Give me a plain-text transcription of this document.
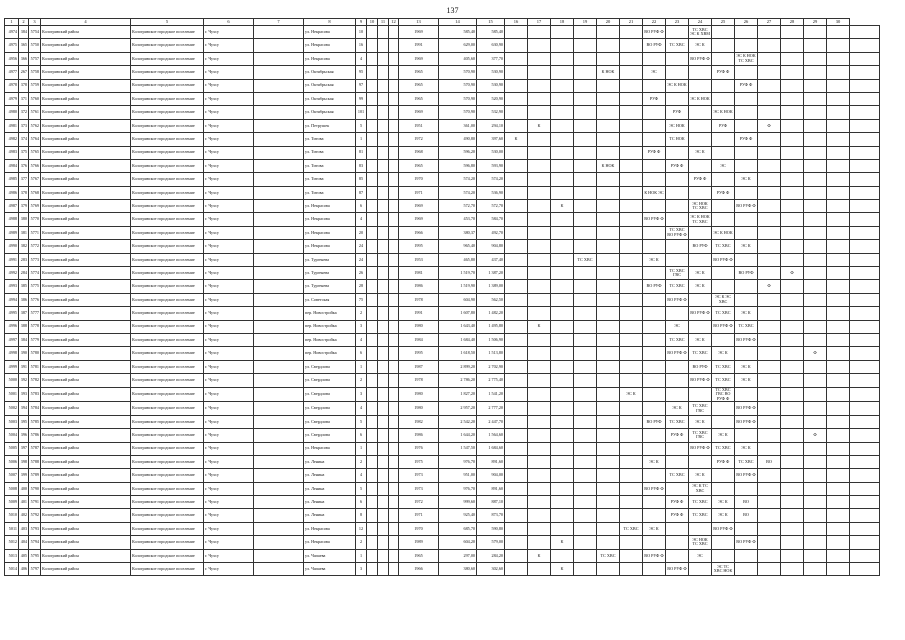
137
1	2	3	4	5	6	7	8	9	10	11	12	13	14	15	16	17	18	19	20	21	22	23	24	25	26	27	28	29	30	
4974	384	5754	Кологривский район	Кологривское городское поселение	г. Чухсу		ул. Некрасова	10				1969	585,40	585,40							ВО РУФ Ф		ТС ХВС ЭС К ХВМ							
4975	365	5750	Кологривский район	Кологривское городское поселение	г. Чухсу		ул. Некрасова	16				1991	629,00	630,90							ВО РУФ	ТС ХВС	ЭС К							
4956	366	5757	Кологривский район	Кологривское городское поселение	г. Чухсу		ул. Некрасова	4				1969	405,60	377,70									ВО РУФ Ф		ЭС К НОК ТС ХВС					
4977	267	5758	Кологривский район	Кологривское городское поселение	г. Чухсу		ул. Октябрьская	95				1965	570,90	530,90					К НОК		ЭС			РУФ Ф						
4978	378	5759	Кологривский район	Кологривское городское поселение	г. Чухсу		ул. Октябрьская	97				1965	570,90	530,90								ЭС К НОК			РУФ Ф					
4979	371	5760	Кологривский район	Кологривское городское поселение	г. Чухсу		ул. Октябрьская	99				1965	570,90	520,90							РУФ		ЭС К НОК							
4980	372	5761	Кологривский район	Кологривское городское поселение	г. Чухсу		ул. Октябрьская	101				1969	570,90	532,90								РУФ		ЭС К НОК						
4981	373	5762	Кологривский район	Кологривское городское поселение	г. Чухсу		ул. Петрушек	5				1951	361,00	294,10		К						ЭС НОК		РУФ		Ф				
4982	374	5764	Кологривский район	Кологривское городское поселение	г. Чухсу		ул. Титова	1				1972	490,80	397,60	К							ТС НОК			РУФ Ф					
4983	375	5765	Кологривский район	Кологривское городское поселение	г. Чухсу		ул. Титова	81				1968	596,20	530,00							РУФ Ф		ЭС К							
4984	376	5766	Кологривский район	Кологривское городское поселение	г. Чухсу		ул. Титова	83				1965	596,80	593,90					К НОК			РУФ Ф		ЭС						
4985	377	5767	Кологривский район	Кологривское городское поселение	г. Чухсу		ул. Титова	85				1970	574,20	574,20									РУФ Ф		ЭС К					
4986	378	5768	Кологривский район	Кологривское городское поселение	г. Чухсу		ул. Титова	87				1971	574,20	536,90							К НОК ЭС			РУФ Ф						
4987	379	5769	Кологривский район	Кологривское городское поселение	г. Чухсу		ул. Некрасова	6				1969	572,70	572,70			К						ЭС НОК ТС ХВС		ВО РУФ Ф					
4988	380	5770	Кологривский район	Кологривское городское поселение	г. Чухсу		ул. Некрасова	4				1969	453,70	584,70							ВО РУФ Ф		ЭС К НОК ТС ХВС							
4989	381	5771	Кологривский район	Кологривское городское поселение	г. Чухсу		ул. Некрасова	20				1966	380,37	492,70								ТС ХВС ВО РУФ Ф		ЭС К НОК						
4990	382	5772	Кологривский район	Кологривское городское поселение	г. Чухсу		ул. Некрасова	24				1995	965,40	904,80									ВО РУФ	ТС ХВС	ЭС К					
4991	283	5773	Кологривский район	Кологривское городское поселение	г. Чухсу		ул. Тургенева	24				1953	465,80	437,40				ТС ХВС			ЭС К			ВО РУФ Ф						
4992	284	5774	Кологривский район	Кологривское городское поселение	г. Чухсу		ул. Тургенева	26				1981	1 519,70	1 387,20								ТС ХВС ГВС	ЭС К		ВО РУФ		Ф			
4993	385	5775	Кологривский район	Кологривское городское поселение	г. Чухсу		ул. Тургенева	28				1986	1 519,90	1 389,00							ВО РУФ	ТС ХВС	ЭС К			Ф				
4994	386	5776	Кологривский район	Кологривское городское поселение	г. Чухсу		ул. Советская	75				1978	604,90	562,50								ВО РУФ Ф		ЭС К ЭС ХВС						
4995	387	5777	Кологривский район	Кологривское городское поселение	г. Чухсу		пер. Новостройка	2				1991	1 607,80	1 482,20									ВО РУФ Ф	ТС ХВС	ЭС К					
4996	388	5778	Кологривский район	Кологривское городское поселение	г. Чухсу		пер. Новостройка	3				1980	1 643,40	1 495,80		К						ЭС		ВО РУФ Ф	ТС ХВС					
4997	384	5779	Кологривский район	Кологривское городское поселение	г. Чухсу		пер. Новостройка	4				1984	1 684,40	1 506,90								ТС ХВС	ЭС К		ВО РУФ Ф					
4998	390	5780	Кологривский район	Кологривское городское поселение	г. Чухсу		пер. Новостройка	6				1995	1 618,50	1 513,80								ВО РУФ Ф	ТС ХВС	ЭС К				Ф		
4999	391	5781	Кологривский район	Кологривское городское поселение	г. Чухсу		ул. Свердлова	1				1987	2 899,20	2 702,90									ВО РУФ	ТС ХВС	ЭС К					
5000	392	5782	Кологривский район	Кологривское городское поселение	г. Чухсу		ул. Свердлова	2				1978	2 786,20	2 775,40									ВО РУФ Ф	ТС ХВС	ЭС К					
5001	393	5783	Кологривский район	Кологривское городское поселение	г. Чухсу		ул. Свердлова	3				1980	1 827,20	1 541,20						ЭС К				ТС ХВС ГВС ВО РУФ Ф						
5002	394	5784	Кологривский район	Кологривское городское поселение	г. Чухсу		ул. Свердлова	4				1980	2 957,20	2 777,20								ЭС К	ТС ХВС ГВС		ВО РУФ Ф					
5003	395	5785	Кологривский район	Кологривское городское поселение	г. Чухсу		ул. Свердлова	5				1982	2 542,20	2 447,70							ВО РУФ	ТС ХВС	ЭС К		ВО РУФ Ф					
5004	396	5786	Кологривский район	Кологривское городское поселение	г. Чухсу		ул. Свердлова	6				1986	1 644,20	1 564,60								РУФ Ф	ТС ХВС ГВС	ЭС К				Ф		
5005	397	5787	Кологривский район	Кологривское городское поселение	г. Чухсу		ул. Некрасова	1				1976	1 547,50	1 684,60									ВО РУФ Ф	ТС ХВС	ЭС К					
5006	398	5788	Кологривский район	Кологривское городское поселение	г. Чухсу		ул. Ленина	2				1975	976,70	891,60							ЭС К			РУФ Ф	ТС ХВС	ВО				
5007	399	5789	Кологривский район	Кологривское городское поселение	г. Чухсу		ул. Ленина	4				1973	951,00	904,00								ТС ХВС	ЭС К		ВО РУФ Ф					
5008	400	5790	Кологривский район	Кологривское городское поселение	г. Чухсу		ул. Ленина	5				1973	976,70	891,60							ВО РУФ Ф		ЭС К ТС ХВС							
5009	401	5791	Кологривский район	Кологривское городское поселение	г. Чухсу		ул. Ленина	6				1972	999,60	887,10								РУФ Ф	ТС ХВС	ЭС К	ВО					
5010	402	5792	Кологривский район	Кологривское городское поселение	г. Чухсу		ул. Ленина	8				1971	925,40	873,70								РУФ Ф	ТС ХВС	ЭС К	ВО					
5011	403	5793	Кологривский район	Кологривское городское поселение	г. Чухсу		ул. Некрасова	12				1970	685,70	590,80						ТС ХВС	ЭС К			ВО РУФ Ф						
5012	404	5794	Кологривский район	Кологривское городское поселение	г. Чухсу		ул. Некрасова	2				1989	604,20	579,00			К						ЭС НОК ТС ХВС		ВО РУФ Ф					
5013	405	5795	Кологривский район	Кологривское городское поселение	г. Чухсу		ул. Чапаева	1				1965	297,00	284,20		К			ТС ХВС		ВО РУФ Ф		ЭС							
5014	406	5797	Кологривский район	Кологривское городское поселение	г. Чухсу		ул. Чапаева	3				1966	380,60	302,60			К					ВО РУФ Ф		ЭС ТС ХВС НОК						
